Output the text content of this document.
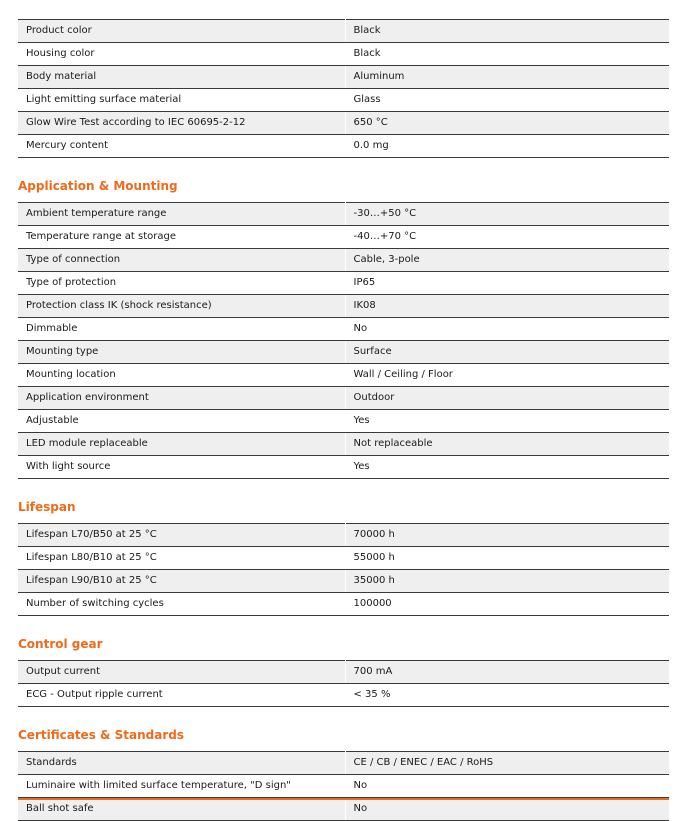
Product color	Black
Housing color	Black
Body material	Aluminum
Light emitting surface material	Glass
Glow Wire Test according to IEC 60695-2-12	650 °C
Mercury content	0.0 mg
Application & Mounting
Ambient temperature range	-30…+50 °C
Temperature range at storage	-40…+70 °C
Type of connection	Cable, 3-pole
Type of protection	IP65
Protection class IK (shock resistance)	IK08
Dimmable	No
Mounting type	Surface
Mounting location	Wall / Ceiling / Floor
Application environment	Outdoor
Adjustable	Yes
LED module replaceable	Not replaceable
With light source	Yes
Lifespan
Lifespan L70/B50 at 25 °C	70000 h
Lifespan L80/B10 at 25 °C	55000 h
Lifespan L90/B10 at 25 °C	35000 h
Number of switching cycles	100000
Control gear
Output current	700 mA
ECG - Output ripple current	< 35 %
Certificates & Standards
Standards	CE / CB / ENEC / EAC / RoHS
Luminaire with limited surface temperature, "D sign"	No
Ball shot safe	No
